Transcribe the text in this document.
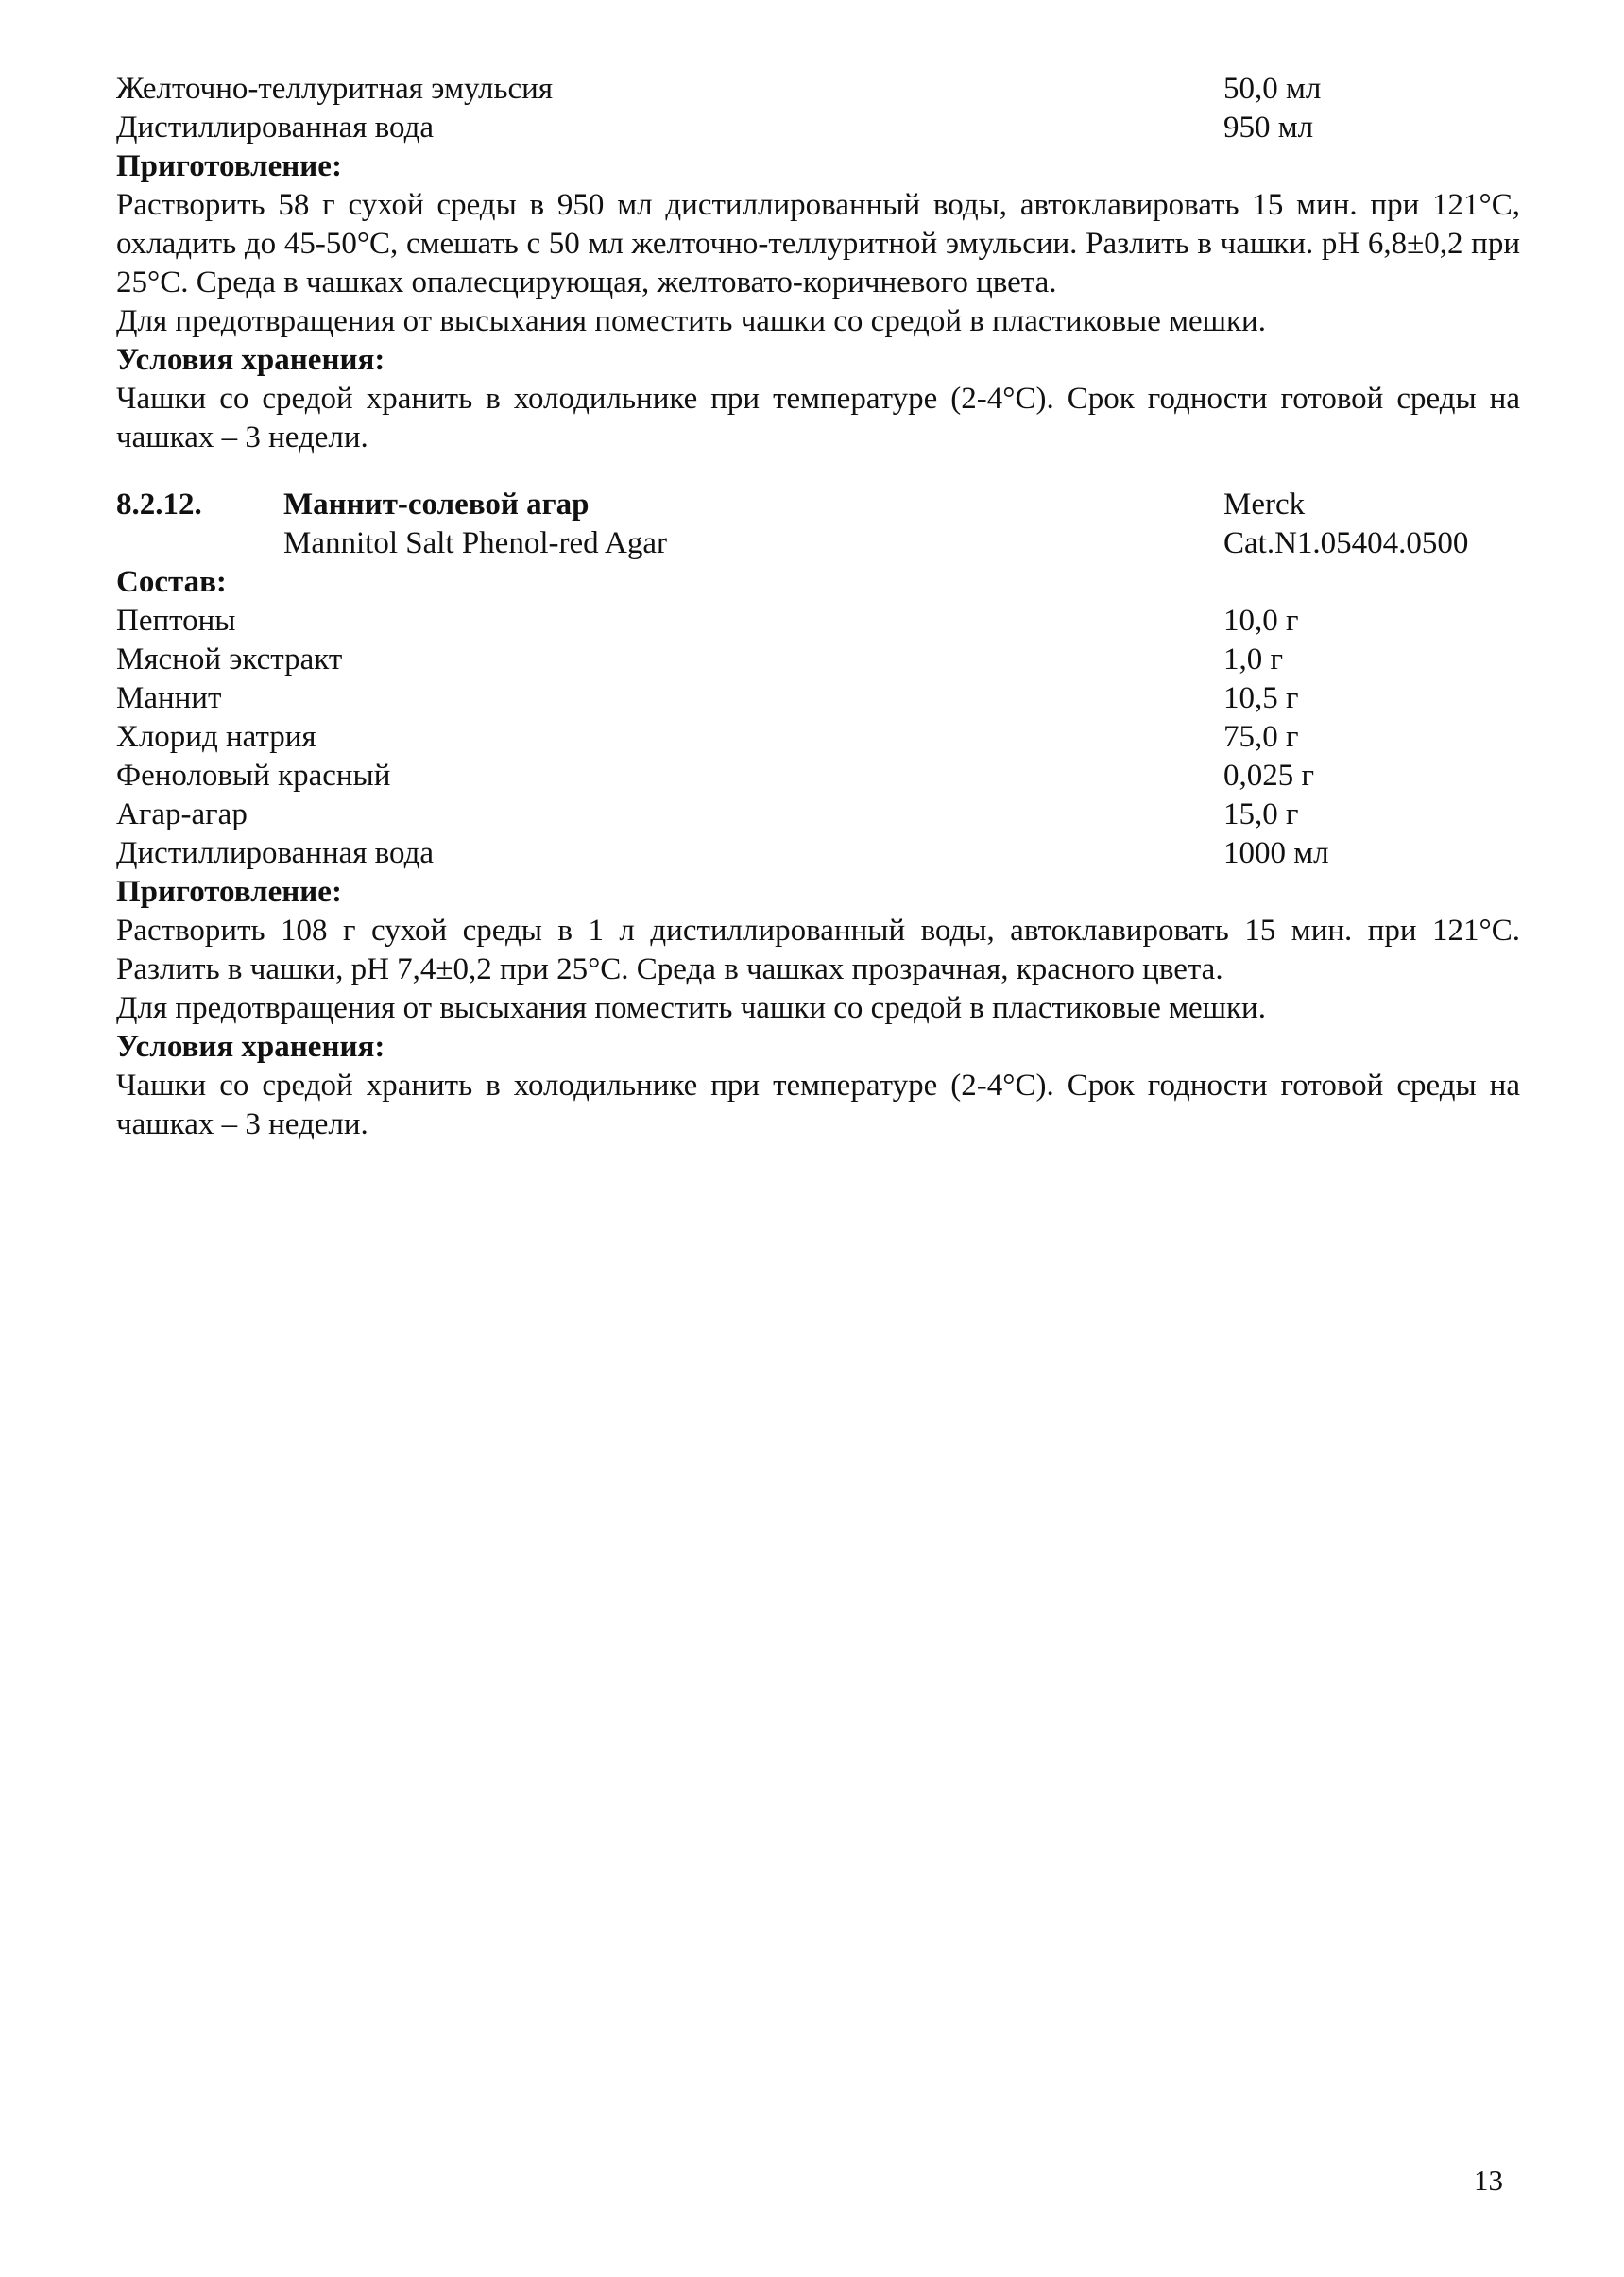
Желточно-теллуритная эмульсия	50,0 мл
Дистиллированная вода	950 мл
Приготовление:

Растворить 58 г сухой среды в 950 мл дистиллированный воды, автоклавировать 15 мин. при 121°С, охладить до 45-50°С, смешать с 50 мл желточно-теллуритной эмульсии. Разлить в чашки. pH 6,8±0,2 при 25°С. Среда в чашках опалесцирующая, желтовато-коричневого цвета.

Для предотвращения от высыхания поместить чашки со средой в пластиковые мешки.

Условия хранения:

Чашки со средой хранить в холодильнике при температуре (2-4°С). Срок годности готовой среды на чашках – 3 недели.

8.2.12.	Маннит-солевой агар	Merck
Mannitol Salt Phenol-red Agar	Cat.N1.05404.0500
Состав:
Пептоны	10,0 г
Мясной экстракт	1,0 г
Маннит	10,5 г
Хлорид натрия	75,0 г
Феноловый красный	0,025 г
Агар-агар	15,0 г
Дистиллированная вода	1000 мл
Приготовление:

Растворить 108 г сухой среды в 1 л дистиллированный воды, автоклавировать 15 мин. при 121°С. Разлить в чашки, pH 7,4±0,2 при 25°С. Среда в чашках прозрачная, красного цвета.

Для предотвращения от высыхания поместить чашки со средой в пластиковые мешки.

Условия хранения:

Чашки со средой хранить в холодильнике при температуре (2-4°С). Срок годности готовой среды на чашках – 3 недели.

13
